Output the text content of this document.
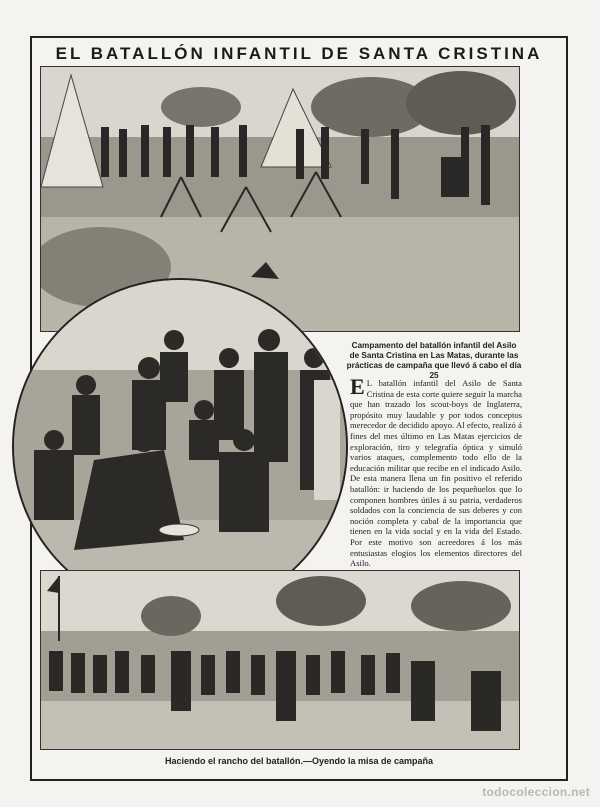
EL BATALLÓN INFANTIL DE SANTA CRISTINA
Campamento del batallón infantil del Asilo de Santa Cristina en Las Matas, durante las prácticas de campaña que llevó á cabo el día 25
E L batallón infantil del Asilo de Santa Cristina de esta corte quiere seguir la marcha que han trazado los scout-boys de Inglaterra, propósito muy laudable y por todos conceptos merecedor de decidido apoyo. Al efecto, realizó á fines del mes último en Las Matas ejercicios de exploración, tiro y telegrafía óptica y simuló varios ataques, complemento todo ello de la educación militar que recibe en el indicado Asilo. De esta manera llena un fin positivo el referido batallón: ir haciendo de los pequeñuelos que lo componen hombres útiles á su patria, verdaderos soldados con la conciencia de sus deberes y con noción completa y cabal de la importancia que tienen en la vida social y en la vida del Estado. Por este motivo son acreedores á los más entusiastas elogios los elementos directores del Asilo.
Haciendo el rancho del batallón.—Oyendo la misa de campaña
todocoleccion.net
